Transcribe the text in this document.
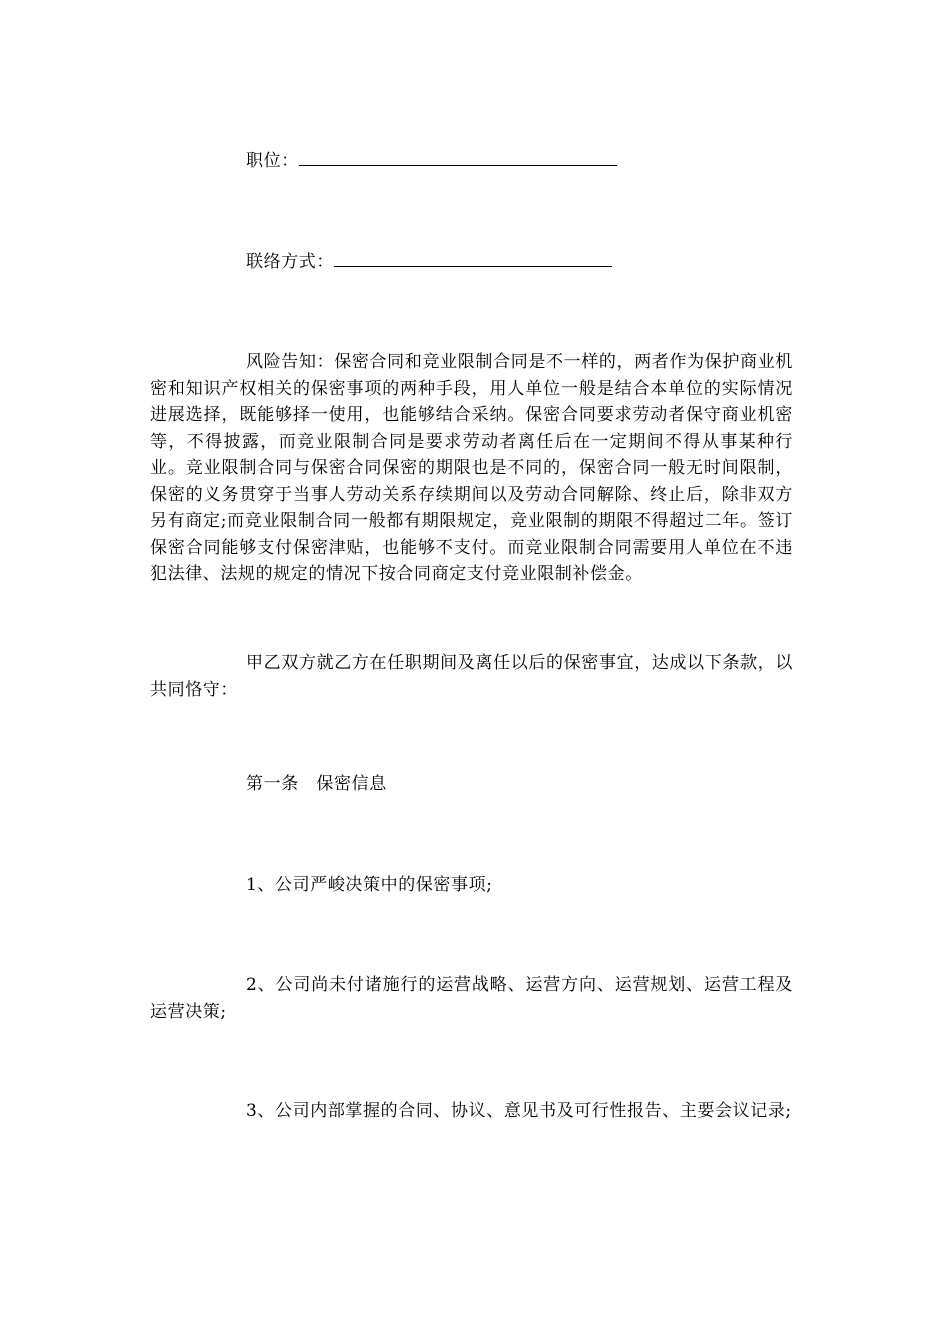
职位：

联络方式：

风险告知：保密合同和竞业限制合同是不一样的，两者作为保护商业机密和知识产权相关的保密事项的两种手段，用人单位一般是结合本单位的实际情况进展选择，既能够择一使用，也能够结合采纳。保密合同要求劳动者保守商业机密等，不得披露，而竞业限制合同是要求劳动者离任后在一定期间不得从事某种行业。竞业限制合同与保密合同保密的期限也是不同的，保密合同一般无时间限制，保密的义务贯穿于当事人劳动关系存续期间以及劳动合同解除、终止后，除非双方另有商定;而竞业限制合同一般都有期限规定，竞业限制的期限不得超过二年。签订保密合同能够支付保密津贴，也能够不支付。而竞业限制合同需要用人单位在不违犯法律、法规的规定的情况下按合同商定支付竞业限制补偿金。

甲乙双方就乙方在任职期间及离任以后的保密事宜，达成以下条款，以共同恪守：

第一条　保密信息

1、公司严峻决策中的保密事项;

2、公司尚未付诸施行的运营战略、运营方向、运营规划、运营工程及运营决策;

3、公司内部掌握的合同、协议、意见书及可行性报告、主要会议记录;
